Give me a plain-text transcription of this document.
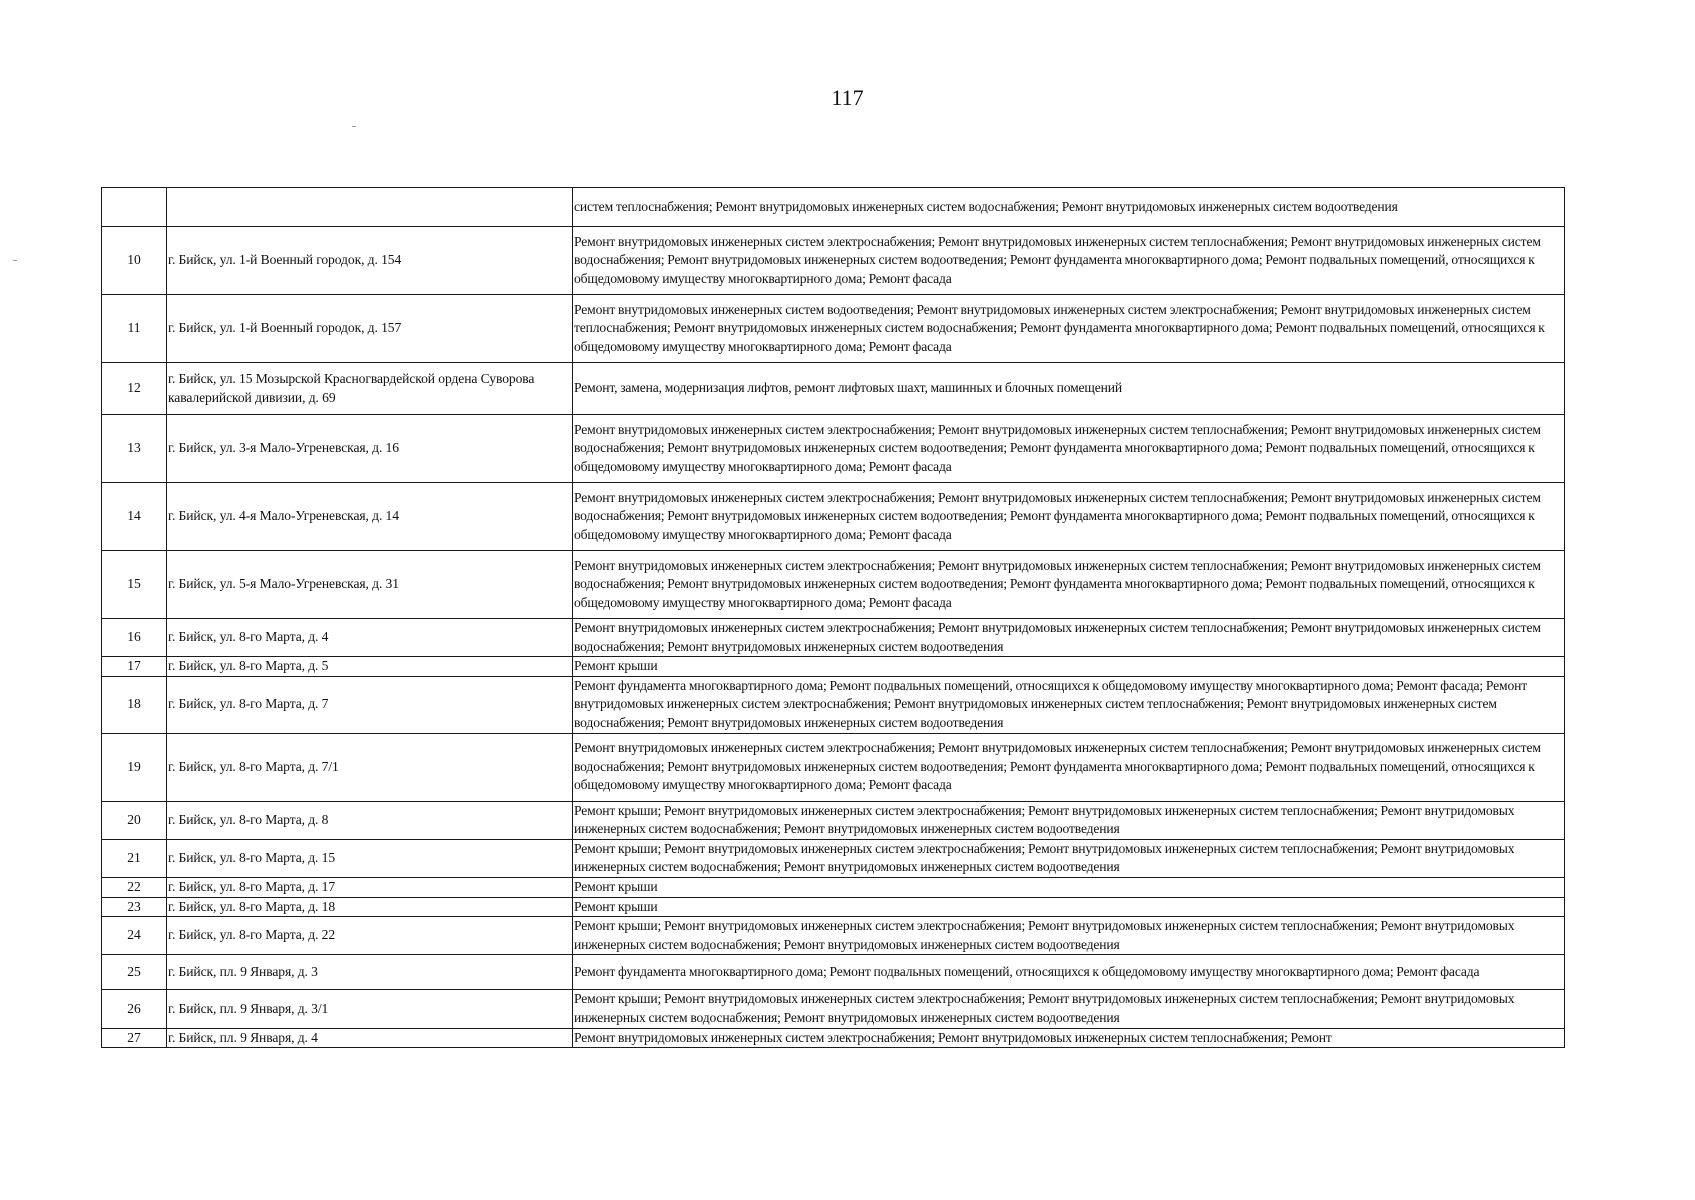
117
		систем теплоснабжения; Ремонт внутридомовых инженерных систем водоснабжения; Ремонт внутридомовых инженерных систем водоотведения
10	г. Бийск, ул. 1-й Военный городок, д. 154	Ремонт внутридомовых инженерных систем электроснабжения; Ремонт внутридомовых инженерных систем теплоснабжения; Ремонт внутридомовых инженерных систем водоснабжения; Ремонт внутридомовых инженерных систем водоотведения; Ремонт фундамента многоквартирного дома; Ремонт подвальных помещений, относящихся к общедомовому имуществу многоквартирного дома; Ремонт фасада
11	г. Бийск, ул. 1-й Военный городок, д. 157	Ремонт внутридомовых инженерных систем водоотведения; Ремонт внутридомовых инженерных систем электроснабжения; Ремонт внутридомовых инженерных систем теплоснабжения; Ремонт внутридомовых инженерных систем водоснабжения; Ремонт фундамента многоквартирного дома; Ремонт подвальных помещений, относящихся к общедомовому имуществу многоквартирного дома; Ремонт фасада
12	г. Бийск, ул. 15 Мозырской Красногвардейской ордена Суворова кавалерийской дивизии, д. 69	Ремонт, замена, модернизация лифтов, ремонт лифтовых шахт, машинных и блочных помещений
13	г. Бийск, ул. 3-я Мало-Угреневская, д. 16	Ремонт внутридомовых инженерных систем электроснабжения; Ремонт внутридомовых инженерных систем теплоснабжения; Ремонт внутридомовых инженерных систем водоснабжения; Ремонт внутридомовых инженерных систем водоотведения; Ремонт фундамента многоквартирного дома; Ремонт подвальных помещений, относящихся к общедомовому имуществу многоквартирного дома; Ремонт фасада
14	г. Бийск, ул. 4-я Мало-Угреневская, д. 14	Ремонт внутридомовых инженерных систем электроснабжения; Ремонт внутридомовых инженерных систем теплоснабжения; Ремонт внутридомовых инженерных систем водоснабжения; Ремонт внутридомовых инженерных систем водоотведения; Ремонт фундамента многоквартирного дома; Ремонт подвальных помещений, относящихся к общедомовому имуществу многоквартирного дома; Ремонт фасада
15	г. Бийск, ул. 5-я Мало-Угреневская, д. 31	Ремонт внутридомовых инженерных систем электроснабжения; Ремонт внутридомовых инженерных систем теплоснабжения; Ремонт внутридомовых инженерных систем водоснабжения; Ремонт внутридомовых инженерных систем водоотведения; Ремонт фундамента многоквартирного дома; Ремонт подвальных помещений, относящихся к общедомовому имуществу многоквартирного дома; Ремонт фасада
16	г. Бийск, ул. 8-го Марта, д. 4	Ремонт внутридомовых инженерных систем электроснабжения; Ремонт внутридомовых инженерных систем теплоснабжения; Ремонт внутридомовых инженерных систем водоснабжения; Ремонт внутридомовых инженерных систем водоотведения
17	г. Бийск, ул. 8-го Марта, д. 5	Ремонт крыши
18	г. Бийск, ул. 8-го Марта, д. 7	Ремонт фундамента многоквартирного дома; Ремонт подвальных помещений, относящихся к общедомовому имуществу многоквартирного дома; Ремонт фасада; Ремонт внутридомовых инженерных систем электроснабжения; Ремонт внутридомовых инженерных систем теплоснабжения; Ремонт внутридомовых инженерных систем водоснабжения; Ремонт внутридомовых инженерных систем водоотведения
19	г. Бийск, ул. 8-го Марта, д. 7/1	Ремонт внутридомовых инженерных систем электроснабжения; Ремонт внутридомовых инженерных систем теплоснабжения; Ремонт внутридомовых инженерных систем водоснабжения; Ремонт внутридомовых инженерных систем водоотведения; Ремонт фундамента многоквартирного дома; Ремонт подвальных помещений, относящихся к общедомовому имуществу многоквартирного дома; Ремонт фасада
20	г. Бийск, ул. 8-го Марта, д. 8	Ремонт крыши; Ремонт внутридомовых инженерных систем электроснабжения; Ремонт внутридомовых инженерных систем теплоснабжения; Ремонт внутридомовых инженерных систем водоснабжения; Ремонт внутридомовых инженерных систем водоотведения
21	г. Бийск, ул. 8-го Марта, д. 15	Ремонт крыши; Ремонт внутридомовых инженерных систем электроснабжения; Ремонт внутридомовых инженерных систем теплоснабжения; Ремонт внутридомовых инженерных систем водоснабжения; Ремонт внутридомовых инженерных систем водоотведения
22	г. Бийск, ул. 8-го Марта, д. 17	Ремонт крыши
23	г. Бийск, ул. 8-го Марта, д. 18	Ремонт крыши
24	г. Бийск, ул. 8-го Марта, д. 22	Ремонт крыши; Ремонт внутридомовых инженерных систем электроснабжения; Ремонт внутридомовых инженерных систем теплоснабжения; Ремонт внутридомовых инженерных систем водоснабжения; Ремонт внутридомовых инженерных систем водоотведения
25	г. Бийск, пл. 9 Января, д. 3	Ремонт фундамента многоквартирного дома; Ремонт подвальных помещений, относящихся к общедомовому имуществу многоквартирного дома; Ремонт фасада
26	г. Бийск, пл. 9 Января, д. 3/1	Ремонт крыши; Ремонт внутридомовых инженерных систем электроснабжения; Ремонт внутридомовых инженерных систем теплоснабжения; Ремонт внутридомовых инженерных систем водоснабжения; Ремонт внутридомовых инженерных систем водоотведения
27	г. Бийск, пл. 9 Января, д. 4	Ремонт внутридомовых инженерных систем электроснабжения; Ремонт внутридомовых инженерных систем теплоснабжения; Ремонт
